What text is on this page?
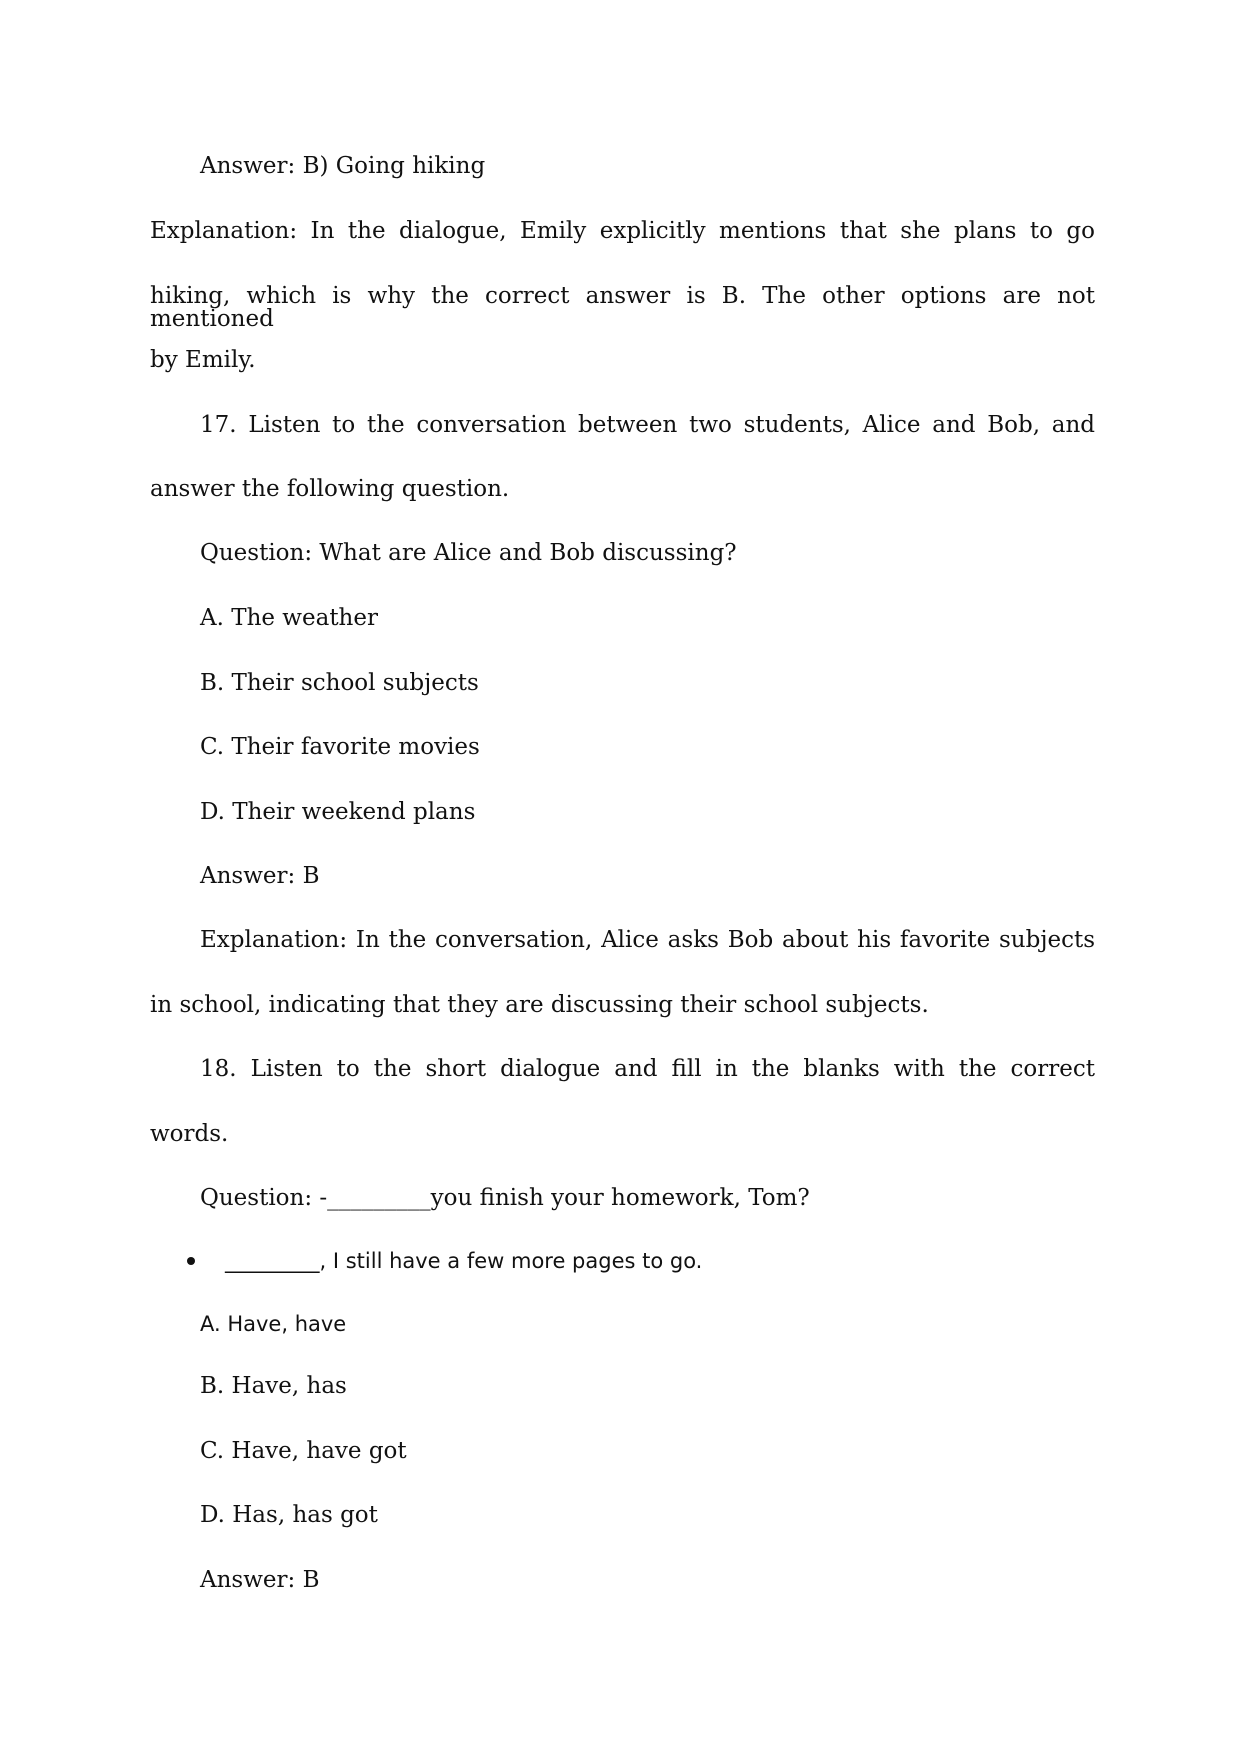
Answer: B) Going hiking
Explanation: In the dialogue, Emily explicitly mentions that she plans to go
hiking, which is why the correct answer is B. The other options are not mentioned
by Emily.
17. Listen to the conversation between two students, Alice and Bob, and
answer the following question.
Question: What are Alice and Bob discussing?
A. The weather
B. Their school subjects
C. Their favorite movies
D. Their weekend plans
Answer: B
Explanation: In the conversation, Alice asks Bob about his favorite subjects
in school, indicating that they are discussing their school subjects.
18. Listen to the short dialogue and fill in the blanks with the correct
words.
Question: -_________you finish your homework, Tom?
_________, I still have a few more pages to go.
A. Have, have
B. Have, has
C. Have, have got
D. Has, has got
Answer: B
